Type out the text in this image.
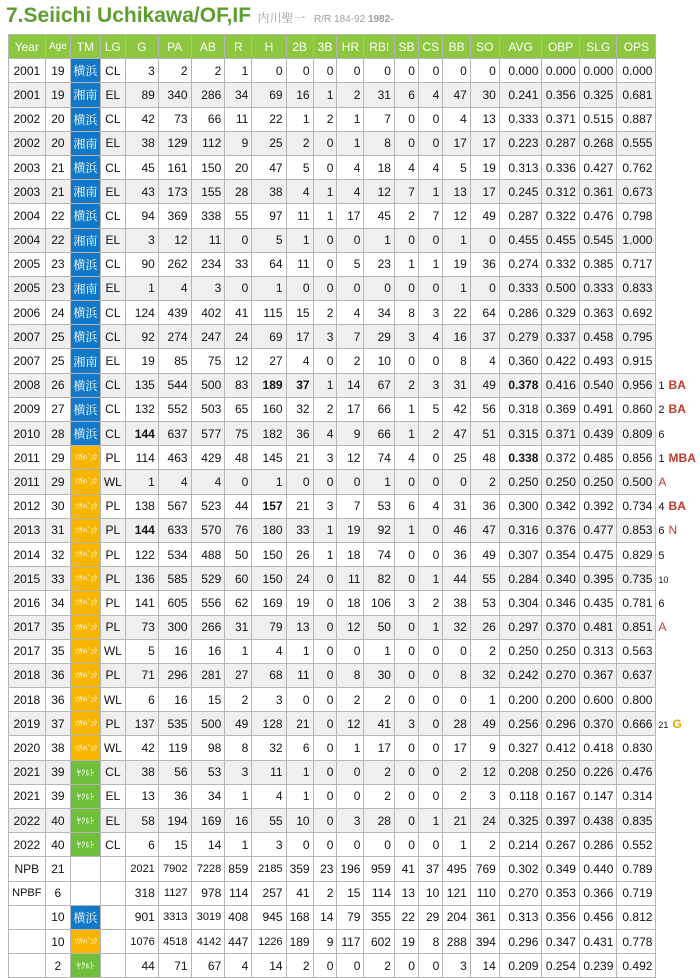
7.Seiichi Uchikawa/OF,IF 内川聖一 R/R 184-92 1982-
Year	Age	TM	LG	G	PA	AB	R	H	2B	3B	HR	RBI	SB	CS	BB	SO	AVG	OBP	SLG	OPS	
2001	19	横浜	CL	3	2	2	1	0	0	0	0	0	0	0	0	0	0.000	0.000	0.000	0.000	
2001	19	湘南	EL	89	340	286	34	69	16	1	2	31	6	4	47	30	0.241	0.356	0.325	0.681	
2002	20	横浜	CL	42	73	66	11	22	1	2	1	7	0	0	4	13	0.333	0.371	0.515	0.887	
2002	20	湘南	EL	38	129	112	9	25	2	0	1	8	0	0	17	17	0.223	0.287	0.268	0.555	
2003	21	横浜	CL	45	161	150	20	47	5	0	4	18	4	4	5	19	0.313	0.336	0.427	0.762	
2003	21	湘南	EL	43	173	155	28	38	4	1	4	12	7	1	13	17	0.245	0.312	0.361	0.673	
2004	22	横浜	CL	94	369	338	55	97	11	1	17	45	2	7	12	49	0.287	0.322	0.476	0.798	
2004	22	湘南	EL	3	12	11	0	5	1	0	0	1	0	0	1	0	0.455	0.455	0.545	1.000	
2005	23	横浜	CL	90	262	234	33	64	11	0	5	23	1	1	19	36	0.274	0.332	0.385	0.717	
2005	23	湘南	EL	1	4	3	0	1	0	0	0	0	0	0	1	0	0.333	0.500	0.333	0.833	
2006	24	横浜	CL	124	439	402	41	115	15	2	4	34	8	3	22	64	0.286	0.329	0.363	0.692	
2007	25	横浜	CL	92	274	247	24	69	17	3	7	29	3	4	16	37	0.279	0.337	0.458	0.795	
2007	25	湘南	EL	19	85	75	12	27	4	0	2	10	0	0	8	4	0.360	0.422	0.493	0.915	
2008	26	横浜	CL	135	544	500	83	189	37	1	14	67	2	3	31	49	0.378	0.416	0.540	0.956	1 BA
2009	27	横浜	CL	132	552	503	65	160	32	2	17	66	1	5	42	56	0.318	0.369	0.491	0.860	2 BA
2010	28	横浜	CL	144	637	577	75	182	36	4	9	66	1	2	47	51	0.315	0.371	0.439	0.809	6
2011	29	ｿﾌﾄﾊﾞﾝｸ	PL	114	463	429	48	145	21	3	12	74	4	0	25	48	0.338	0.372	0.485	0.856	1 MBA
2011	29	ｿﾌﾄﾊﾞﾝｸ	WL	1	4	4	0	1	0	0	0	1	0	0	0	2	0.250	0.250	0.250	0.500	A
2012	30	ｿﾌﾄﾊﾞﾝｸ	PL	138	567	523	44	157	21	3	7	53	6	4	31	36	0.300	0.342	0.392	0.734	4 BA
2013	31	ｿﾌﾄﾊﾞﾝｸ	PL	144	633	570	76	180	33	1	19	92	1	0	46	47	0.316	0.376	0.477	0.853	6 N
2014	32	ｿﾌﾄﾊﾞﾝｸ	PL	122	534	488	50	150	26	1	18	74	0	0	36	49	0.307	0.354	0.475	0.829	5
2015	33	ｿﾌﾄﾊﾞﾝｸ	PL	136	585	529	60	150	24	0	11	82	0	1	44	55	0.284	0.340	0.395	0.735	10
2016	34	ｿﾌﾄﾊﾞﾝｸ	PL	141	605	556	62	169	19	0	18	106	3	2	38	53	0.304	0.346	0.435	0.781	6
2017	35	ｿﾌﾄﾊﾞﾝｸ	PL	73	300	266	31	79	13	0	12	50	0	1	32	26	0.297	0.370	0.481	0.851	A
2017	35	ｿﾌﾄﾊﾞﾝｸ	WL	5	16	16	1	4	1	0	0	1	0	0	0	2	0.250	0.250	0.313	0.563	
2018	36	ｿﾌﾄﾊﾞﾝｸ	PL	71	296	281	27	68	11	0	8	30	0	0	8	32	0.242	0.270	0.367	0.637	
2018	36	ｿﾌﾄﾊﾞﾝｸ	WL	6	16	15	2	3	0	0	2	2	0	0	0	1	0.200	0.200	0.600	0.800	
2019	37	ｿﾌﾄﾊﾞﾝｸ	PL	137	535	500	49	128	21	0	12	41	3	0	28	49	0.256	0.296	0.370	0.666	21 G
2020	38	ｿﾌﾄﾊﾞﾝｸ	WL	42	119	98	8	32	6	0	1	17	0	0	17	9	0.327	0.412	0.418	0.830	
2021	39	ﾔｸﾙﾄ	CL	38	56	53	3	11	1	0	0	2	0	0	2	12	0.208	0.250	0.226	0.476	
2021	39	ﾔｸﾙﾄ	EL	13	36	34	1	4	1	0	0	2	0	0	2	3	0.118	0.167	0.147	0.314	
2022	40	ﾔｸﾙﾄ	EL	58	194	169	16	55	10	0	3	28	0	1	21	24	0.325	0.397	0.438	0.835	
2022	40	ﾔｸﾙﾄ	CL	6	15	14	1	3	0	0	0	0	0	0	1	2	0.214	0.267	0.286	0.552	
NPB	21			2021	7902	7228	859	2185	359	23	196	959	41	37	495	769	0.302	0.349	0.440	0.789	
NPBF	6			318	1127	978	114	257	41	2	15	114	13	10	121	110	0.270	0.353	0.366	0.719	
	10	横浜		901	3313	3019	408	945	168	14	79	355	22	29	204	361	0.313	0.356	0.456	0.812	
	10	ｿﾌﾄﾊﾞﾝｸ		1076	4518	4142	447	1226	189	9	117	602	19	8	288	394	0.296	0.347	0.431	0.778	
	2	ﾔｸﾙﾄ		44	71	67	4	14	2	0	0	2	0	0	3	14	0.209	0.254	0.239	0.492	
